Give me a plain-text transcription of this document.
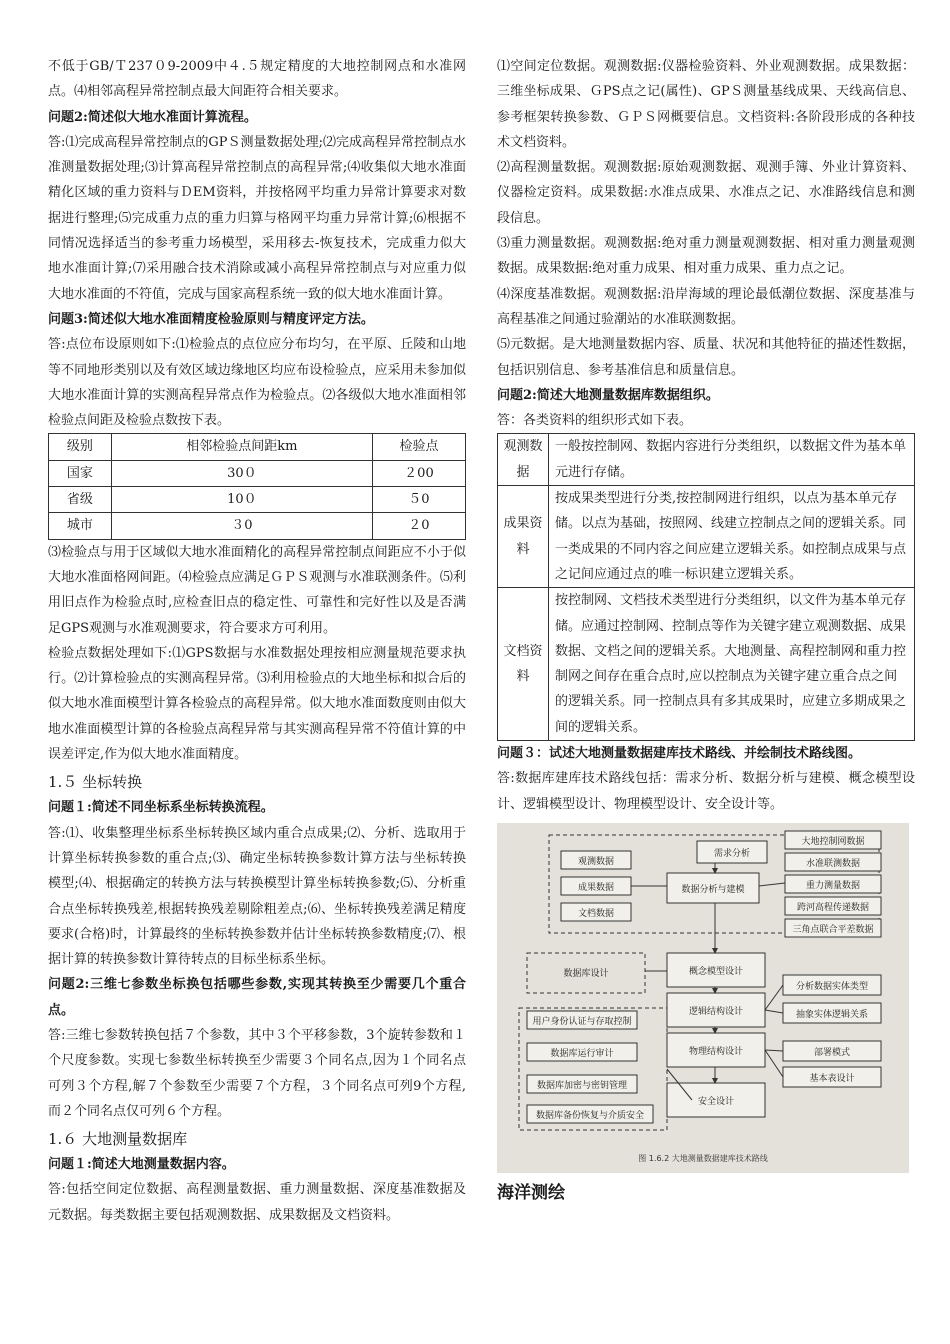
不低于GB/Ｔ237０9-2009中４.５规定精度的大地控制网点和水准网点。⑷相邻高程异常控制点最大间距符合相关要求。

问题2:简述似大地水准面计算流程。

答:⑴完成高程异常控制点的GPＳ测量数据处理;⑵完成高程异常控制点水准测量数据处理;⑶计算高程异常控制点的高程异常;⑷收集似大地水准面精化区域的重力资料与ＤEM资料，并按格网平均重力异常计算要求对数据进行整理;⑸完成重力点的重力归算与格网平均重力异常计算;⑹根据不同情况选择适当的参考重力场模型，采用移去-恢复技术，完成重力似大地水准面计算;⑺采用融合技术消除或减小高程异常控制点与对应重力似大地水准面的不符值，完成与国家高程系统一致的似大地水准面计算。

问题3:简述似大地水准面精度检验原则与精度评定方法。

答:点位布设原则如下:⑴检验点的点位应分布均匀，在平原、丘陵和山地等不同地形类别以及有效区域边缘地区均应布设检验点，应采用未参加似大地水准面计算的实测高程异常点作为检验点。⑵各级似大地水准面相邻检验点间距及检验点数按下表。

级别	相邻检验点间距km	检验点
国家	30０	２00
省级	10０	５0
城市	３0	２0

⑶检验点与用于区域似大地水准面精化的高程异常控制点间距应不小于似大地水准面格网间距。⑷检验点应满足ＧＰＳ观测与水准联测条件。⑸利用旧点作为检验点时,应检查旧点的稳定性、可靠性和完好性以及是否满足GPS观测与水准观测要求，符合要求方可利用。

检验点数据处理如下:⑴GPS数据与水准数据处理按相应测量规范要求执行。⑵计算检验点的实测高程异常。⑶利用检验点的大地坐标和拟合后的似大地水准面模型计算各检验点的高程异常。似大地水准面数度则由似大地水准面模型计算的各检验点高程异常与其实测高程异常不符值计算的中误差评定,作为似大地水准面精度。

1.５ 坐标转换

问题１:简述不同坐标系坐标转换流程。

答:⑴、收集整理坐标系坐标转换区域内重合点成果;⑵、分析、选取用于计算坐标转换参数的重合点;⑶、确定坐标转换参数计算方法与坐标转换模型;⑷、根据确定的转换方法与转换模型计算坐标转换参数;⑸、分析重合点坐标转换残差,根据转换残差剔除粗差点;⑹、坐标转换残差满足精度要求(合格)时，计算最终的坐标转换参数并估计坐标转换参数精度;⑺、根据计算的转换参数计算待转点的目标坐标系坐标。

问题2:三维七参数坐标换包括哪些参数,实现其转换至少需要几个重合点。

答:三维七参数转换包括７个参数，其中３个平移参数，3个旋转参数和１个尺度参数。实现七参数坐标转换至少需要３个同名点,因为１个同名点可列３个方程,解７个参数至少需要７个方程，３个同名点可列9个方程,而２个同名点仅可列６个方程。

1.６ 大地测量数据库

问题１:简述大地测量数据内容。

答:包括空间定位数据、高程测量数据、重力测量数据、深度基准数据及元数据。每类数据主要包括观测数据、成果数据及文档资料。

⑴空间定位数据。观测数据:仪器检验资料、外业观测数据。成果数据：三维坐标成果、ＧPS点之记(属性)、GPＳ测量基线成果、天线高信息、参考框架转换参数、ＧＰＳ网概要信息。文档资料:各阶段形成的各种技术文档资料。

⑵高程测量数据。观测数据:原始观测数据、观测手簿、外业计算资料、仪器检定资料。成果数据:水准点成果、水准点之记、水准路线信息和测段信息。

⑶重力测量数据。观测数据:绝对重力测量观测数据、相对重力测量观测数据。成果数据:绝对重力成果、相对重力成果、重力点之记。

⑷深度基准数据。观测数据:沿岸海域的理论最低潮位数据、深度基准与高程基准之间通过验潮站的水准联测数据。

⑸元数据。是大地测量数据内容、质量、状况和其他特征的描述性数据，包括识别信息、参考基准信息和质量信息。

问题2:简述大地测量数据库数据组织。

答：各类资料的组织形式如下表。

观测数据	一般按控制网、数据内容进行分类组织，以数据文件为基本单元进行存储。
成果资料	按成果类型进行分类,按控制网进行组织，以点为基本单元存储。以点为基础，按照网、线建立控制点之间的逻辑关系。同一类成果的不同内容之间应建立逻辑关系。如控制点成果与点之记间应通过点的唯一标识建立逻辑关系。
文档资料	按控制网、文档技术类型进行分类组织，以文件为基本单元存储。应通过控制网、控制点等作为关键字建立观测数据、成果数据、文档之间的逻辑关系。大地测量、高程控制网和重力控制网之间存在重合点时,应以控制点为关键字建立重合点之间的逻辑关系。同一控制点具有多其成果时，应建立多期成果之间的逻辑关系。

问题３：试述大地测量数据建库技术路线、并绘制技术路线图。

答:数据库建库技术路线包括：需求分析、数据分析与建模、概念模型设计、逻辑模型设计、物理模型设计、安全设计等。

需求分析
数据分析与建模
概念模型设计
逻辑结构设计
物理结构设计
安全设计
观测数据
成果数据
文档数据
大地控制网数据
水准联测数据
重力测量数据
跨河高程传递数据
三角点联合平差数据
数据库设计
分析数据实体类型
抽象实体逻辑关系
部署模式
基本表设计
用户身份认证与存取控制
数据库运行审计
数据库加密与密钥管理
数据库备份恢复与介质安全
图 1.6.2 大地测量数据建库技术路线

海洋测绘
